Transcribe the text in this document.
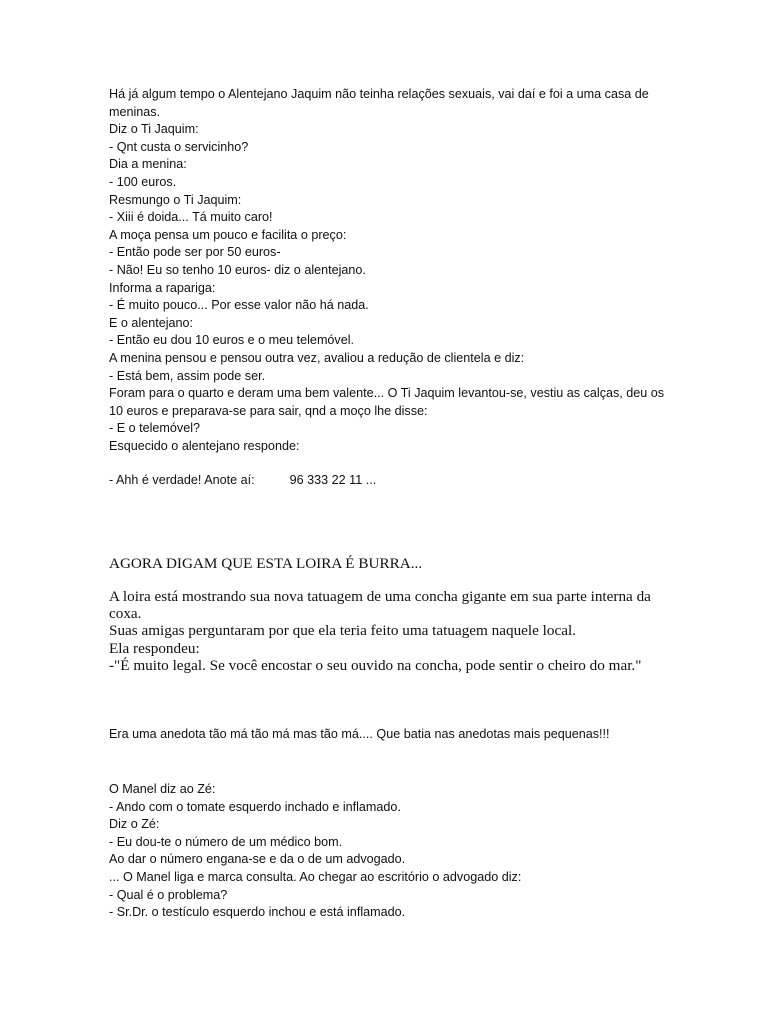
Há já algum tempo o Alentejano Jaquim não teinha relações sexuais, vai daí e foi a uma casa de meninas.
Diz o Ti Jaquim:
- Qnt custa o servicinho?
Dia a menina:
- 100 euros.
Resmungo o Ti Jaquim:
- Xiii é doida... Tá muito caro!
A moça pensa um pouco e facilita o preço:
- Então pode ser por 50 euros-
- Não! Eu so tenho 10 euros- diz o alentejano.
Informa a rapariga:
- É muito pouco... Por esse valor não há nada.
E o alentejano:
- Então eu dou 10 euros e o meu telemóvel.
A menina pensou e pensou outra vez, avaliou a redução de clientela e diz:
- Está bem, assim pode ser.
Foram para o quarto e deram uma bem valente... O Ti Jaquim levantou-se, vestiu as calças, deu os 10 euros e preparava-se para sair, qnd a moço lhe disse:
- E o telemóvel?
Esquecido o alentejano responde:
- Ahh é verdade! Anote aí:          96 333 22 11 ...
AGORA DIGAM QUE ESTA LOIRA É BURRA...
A loira está mostrando sua nova tatuagem de uma concha gigante em sua parte interna da coxa.
Suas amigas perguntaram por que ela teria feito uma tatuagem naquele local.
Ela respondeu:
-"É muito legal. Se você encostar o seu ouvido na concha, pode sentir o cheiro do mar."
Era uma anedota tão má tão má mas tão má.... Que batia nas anedotas mais pequenas!!!
O Manel diz ao Zé:
- Ando com o tomate esquerdo inchado e inflamado.
Diz o Zé:
- Eu dou-te o número de um médico bom.
Ao dar o número engana-se e da o de um advogado.
... O Manel liga e marca consulta. Ao chegar ao escritório o advogado diz:
- Qual é o problema?
- Sr.Dr. o testículo esquerdo inchou e está inflamado.
